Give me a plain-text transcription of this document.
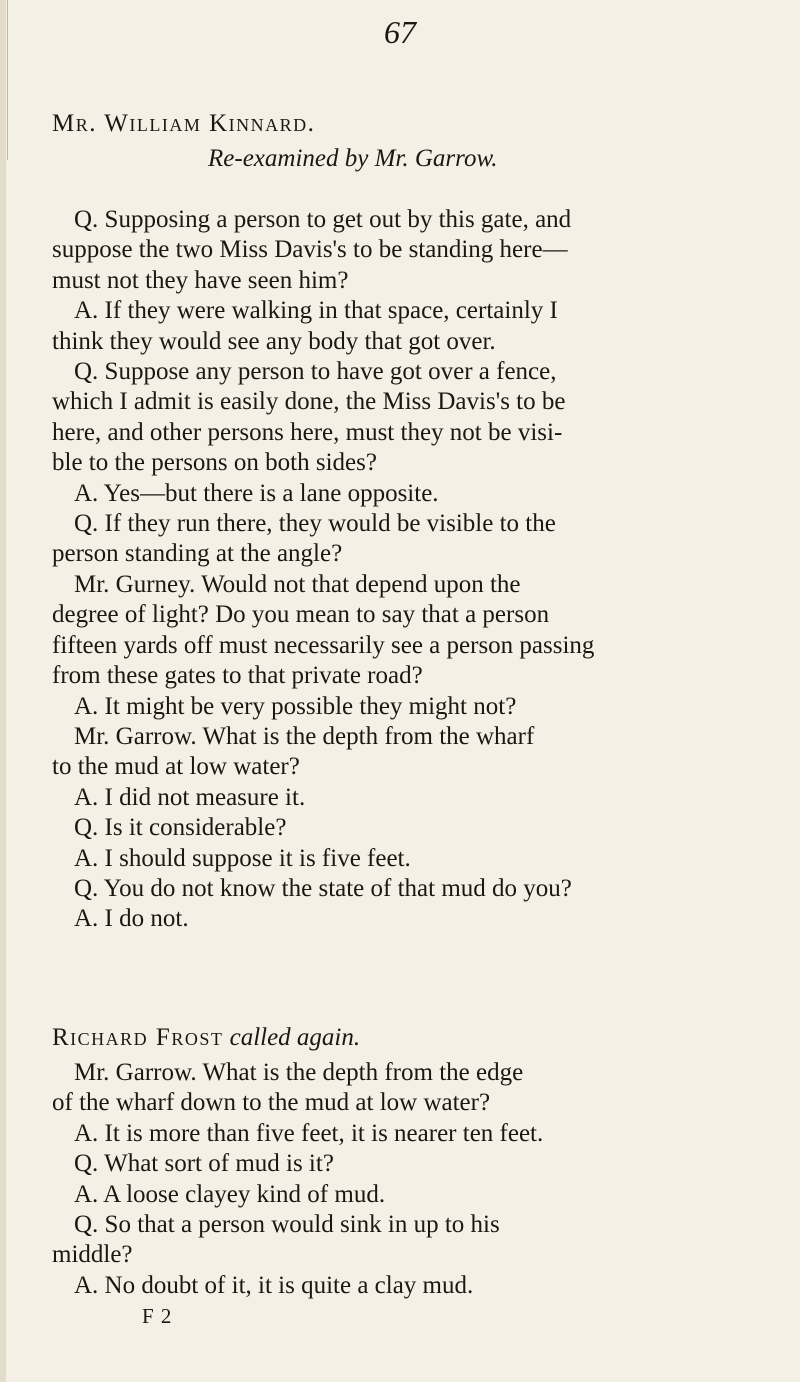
67
Mr. William Kinnard.
Re-examined by Mr. Garrow.
Q. Supposing a person to get out by this gate, and
suppose the two Miss Davis's to be standing here—
must not they have seen him?
A. If they were walking in that space, certainly I
think they would see any body that got over.
Q. Suppose any person to have got over a fence,
which I admit is easily done, the Miss Davis's to be
here, and other persons here, must they not be visi-
ble to the persons on both sides?
A. Yes—but there is a lane opposite.
Q. If they run there, they would be visible to the
person standing at the angle?
Mr. Gurney. Would not that depend upon the
degree of light? Do you mean to say that a person
fifteen yards off must necessarily see a person passing
from these gates to that private road?
A. It might be very possible they might not?
Mr. Garrow. What is the depth from the wharf
to the mud at low water?
A. I did not measure it.
Q. Is it considerable?
A. I should suppose it is five feet.
Q. You do not know the state of that mud do you?
A. I do not.
Richard Frost called again.
Mr. Garrow. What is the depth from the edge
of the wharf down to the mud at low water?
A. It is more than five feet, it is nearer ten feet.
Q. What sort of mud is it?
A. A loose clayey kind of mud.
Q. So that a person would sink in up to his
middle?
A. No doubt of it, it is quite a clay mud.
F 2
